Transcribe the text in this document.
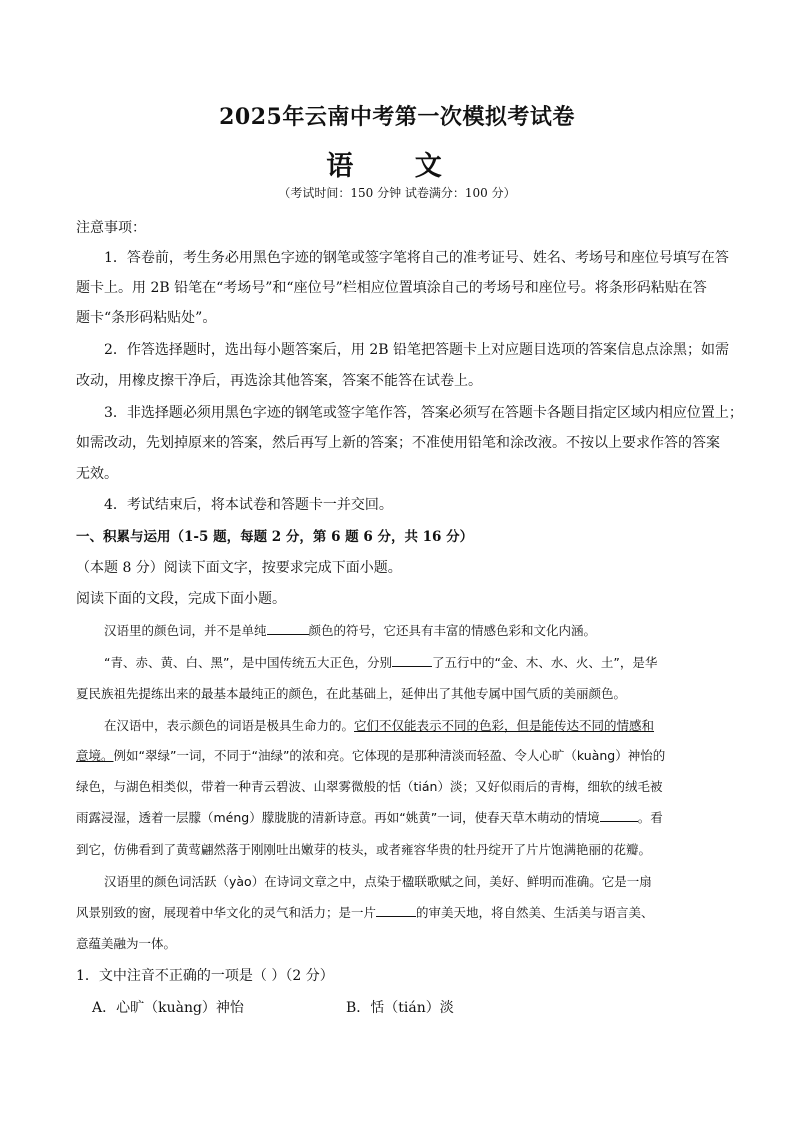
2025年云南中考第一次模拟考试卷
语 文
（考试时间：150 分钟 试卷满分：100 分）
注意事项：
1．答卷前，考生务必用黑色字迹的钢笔或签字笔将自己的准考证号、姓名、考场号和座位号填写在答
题卡上。用 2B 铅笔在“考场号”和“座位号”栏相应位置填涂自己的考场号和座位号。将条形码粘贴在答
题卡“条形码粘贴处”。
2．作答选择题时，选出每小题答案后，用 2B 铅笔把答题卡上对应题目选项的答案信息点涂黑；如需
改动，用橡皮擦干净后，再选涂其他答案，答案不能答在试卷上。
3．非选择题必须用黑色字迹的钢笔或签字笔作答，答案必须写在答题卡各题目指定区域内相应位置上；
如需改动，先划掉原来的答案，然后再写上新的答案；不准使用铅笔和涂改液。不按以上要求作答的答案
无效。
4．考试结束后，将本试卷和答题卡一并交回。
一、积累与运用（1-5 题，每题 2 分，第 6 题 6 分，共 16 分）
（本题 8 分）阅读下面文字，按要求完成下面小题。
阅读下面的文段，完成下面小题。
汉语里的颜色词，并不是单纯	颜色的符号，它还具有丰富的情感色彩和文化内涵。
“青、赤、黄、白、黑”，是中国传统五大正色，分别	了五行中的“金、木、水、火、土”，是华
夏民族祖先提练出来的最基本最纯正的颜色，在此基础上，延伸出了其他专属中国气质的美丽颜色。
在汉语中，表示颜色的词语是极具生命力的。它们不仅能表示不同的色彩，但是能传达不同的情感和
意境。例如“翠绿”一词，不同于“油绿”的浓和亮。它体现的是那种清淡而轻盈、令人心旷（kuàng）神怡的
绿色，与湖色相类似，带着一种青云碧波、山翠雾微般的恬（tián）淡；又好似雨后的青梅，细软的绒毛被
雨露浸湿，透着一层朦（méng）朦胧胧的清新诗意。再如“姚黄”一词，使春天草木萌动的情境	。看
到它，仿佛看到了黄莺翩然落于刚刚吐出嫩芽的枝头，或者雍容华贵的牡丹绽开了片片饱满艳丽的花瓣。
汉语里的颜色词活跃（yào）在诗词文章之中，点染于楹联歌赋之间，美好、鲜明而准确。它是一扇
风景别致的窗，展现着中华文化的灵气和活力；是一片	的审美天地，将自然美、生活美与语言美、
意蕴美融为一体。
1．文中注音不正确的一项是（ ）（2 分）
A．心旷（kuàng）神怡	B．恬（tián）淡
